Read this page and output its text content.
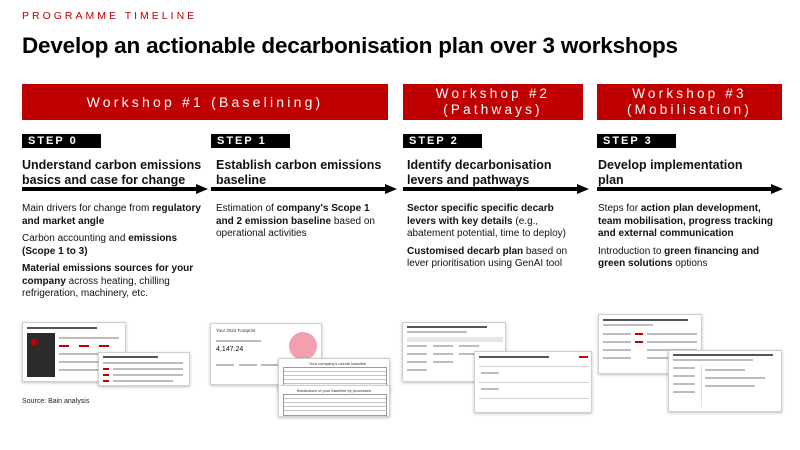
PROGRAMME TIMELINE
Develop an actionable decarbonisation plan over 3 workshops
Workshop #1 (Baselining)
Workshop #2
(Pathways)
Workshop #3
(Mobilisation)
STEP 0	STEP 1	STEP 2	STEP 3
Understand carbon emissions basics and case for change
Establish carbon emissions baseline
Identify decarbonisation levers and pathways
Develop implementation plan

Main drivers for change from regulatory and market angle

Carbon accounting and emissions (Scope 1 to 3)

Material emissions sources for your company across heating, chilling refrigeration, machinery, etc.

Estimation of company's Scope 1 and 2 emission baseline based on operational activities

Sector specific specific decarb levers with key details (e.g., abatement potential, time to deploy)

Customised decarb plan based on lever prioritisation using GenAI tool

Steps for action plan development, team mobilisation, progress tracking and external communication

Introduction to green financing and green solutions options

Your 2022 Footprint
4,147.24
Your company's overall baseline
Breakdown of your baseline by processes
Source: Bain analysis
